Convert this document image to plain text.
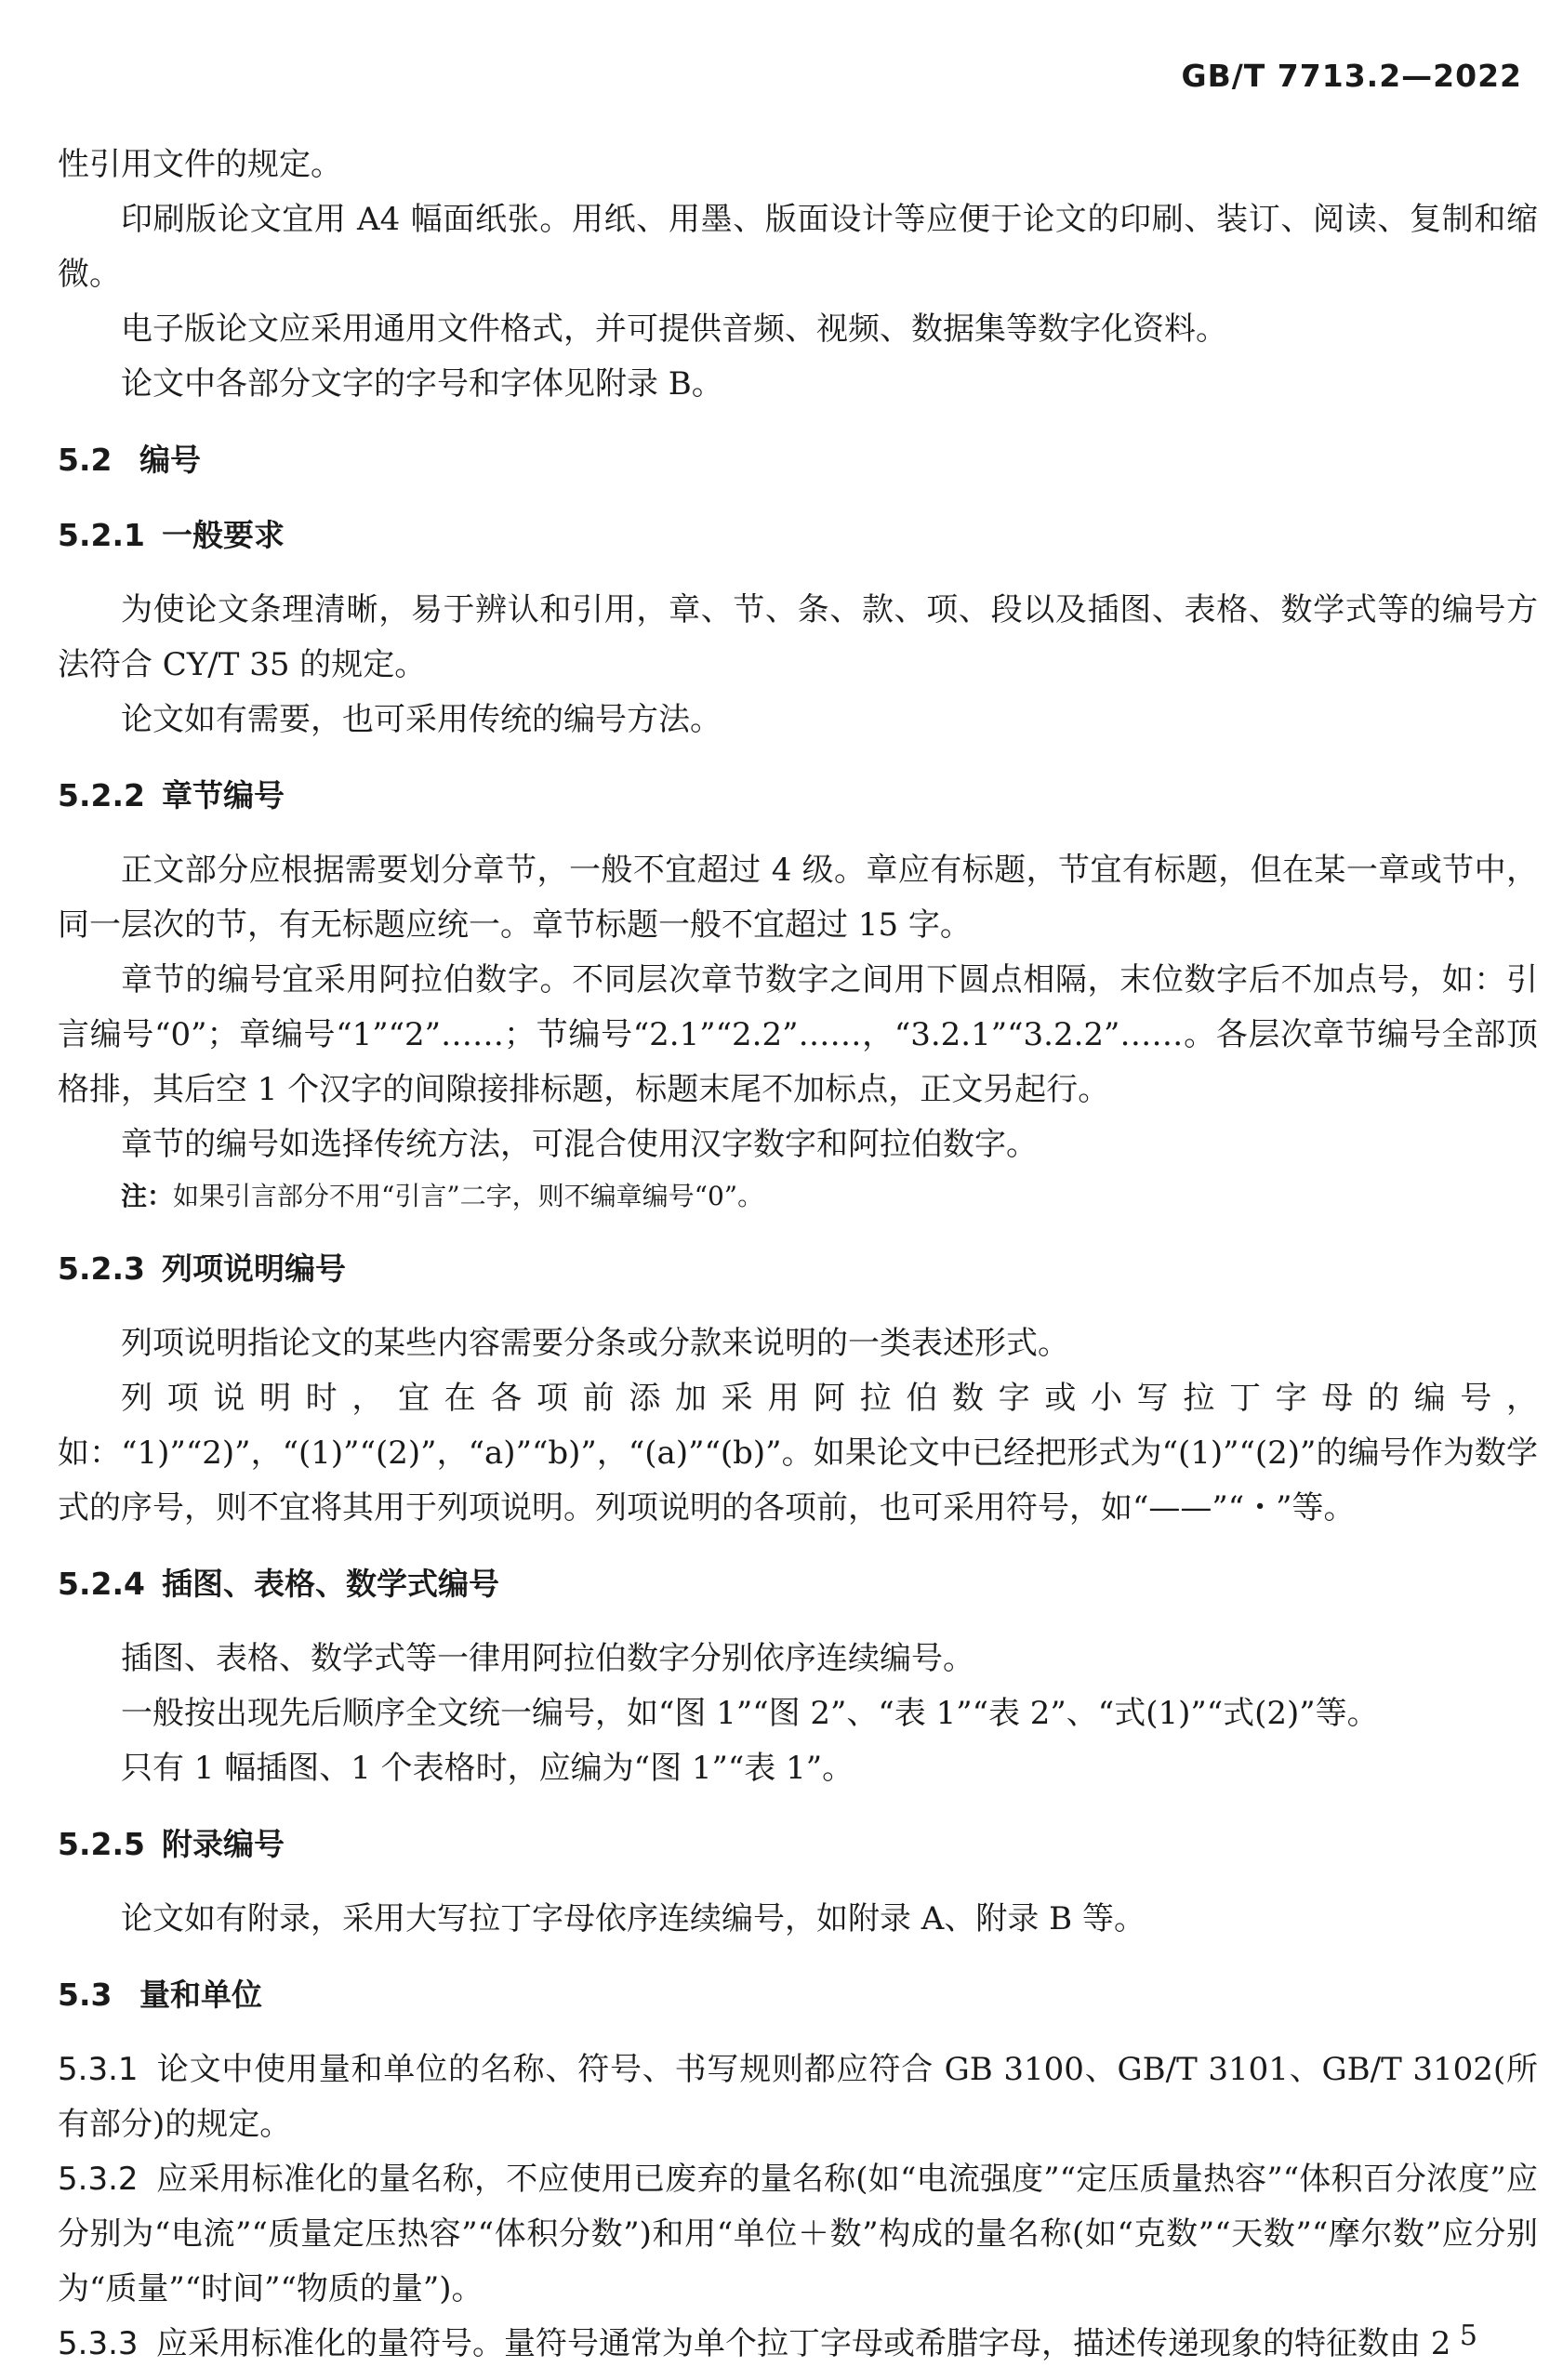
GB/T 7713.2—2022

性引用文件的规定。

印刷版论文宜用 A4 幅面纸张。用纸、用墨、版面设计等应便于论文的印刷、装订、阅读、复制和缩微。

电子版论文应采用通用文件格式，并可提供音频、视频、数据集等数字化资料。

论文中各部分文字的字号和字体见附录 B。

5.2 编号
5.2.1 一般要求

为使论文条理清晰，易于辨认和引用，章、节、条、款、项、段以及插图、表格、数学式等的编号方法符合 CY/T 35 的规定。

论文如有需要，也可采用传统的编号方法。

5.2.2 章节编号

正文部分应根据需要划分章节，一般不宜超过 4 级。章应有标题，节宜有标题，但在某一章或节中，同一层次的节，有无标题应统一。章节标题一般不宜超过 15 字。

章节的编号宜采用阿拉伯数字。不同层次章节数字之间用下圆点相隔，末位数字后不加点号，如：引言编号“0”；章编号“1”“2”……；节编号“2.1”“2.2”……，“3.2.1”“3.2.2”……。各层次章节编号全部顶格排，其后空 1 个汉字的间隙接排标题，标题末尾不加标点，正文另起行。

章节的编号如选择传统方法，可混合使用汉字数字和阿拉伯数字。

注：如果引言部分不用“引言”二字，则不编章编号“0”。

5.2.3 列项说明编号

列项说明指论文的某些内容需要分条或分款来说明的一类表述形式。

列项说明时，宜在各项前添加采用阿拉伯数字或小写拉丁字母的编号，如：“1)”“2)”，“(1)”“(2)”，“a)”“b)”，“(a)”“(b)”。如果论文中已经把形式为“(1)”“(2)”的编号作为数学式的序号，则不宜将其用于列项说明。列项说明的各项前，也可采用符号，如“——”“・”等。

5.2.4 插图、表格、数学式编号

插图、表格、数学式等一律用阿拉伯数字分别依序连续编号。

一般按出现先后顺序全文统一编号，如“图 1”“图 2”、“表 1”“表 2”、“式(1)”“式(2)”等。

只有 1 幅插图、1 个表格时，应编为“图 1”“表 1”。

5.2.5 附录编号

论文如有附录，采用大写拉丁字母依序连续编号，如附录 A、附录 B 等。

5.3 量和单位

5.3.1 论文中使用量和单位的名称、符号、书写规则都应符合 GB 3100、GB/T 3101、GB/T 3102(所有部分)的规定。

5.3.2 应采用标准化的量名称，不应使用已废弃的量名称(如“电流强度”“定压质量热容”“体积百分浓度”应分别为“电流”“质量定压热容”“体积分数”)和用“单位＋数”构成的量名称(如“克数”“天数”“摩尔数”应分别为“质量”“时间”“物质的量”)。

5.3.3 应采用标准化的量符号。量符号通常为单个拉丁字母或希腊字母，描述传递现象的特征数由 2 5
